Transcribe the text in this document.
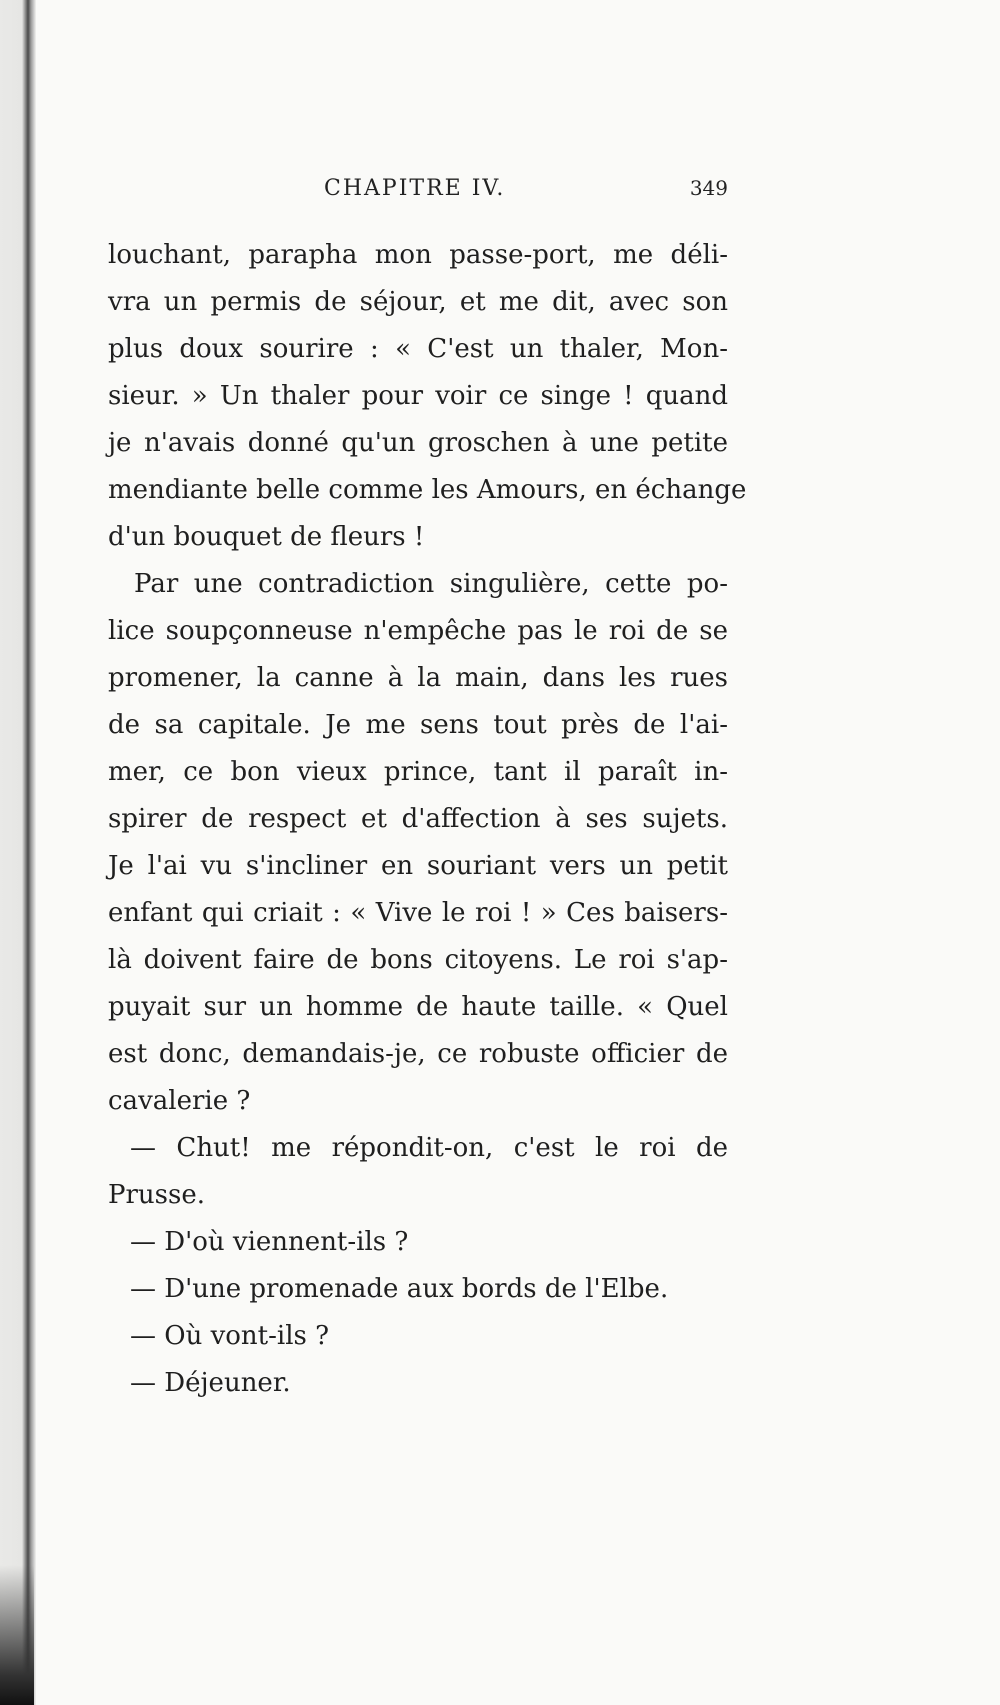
CHAPITRE IV.	349
louchant, parapha mon passe-port, me déli-
vra un permis de séjour, et me dit, avec son
plus doux sourire : « C'est un thaler, Mon-
sieur. » Un thaler pour voir ce singe ! quand
je n'avais donné qu'un groschen à une petite
mendiante belle comme les Amours, en échange
d'un bouquet de fleurs !
Par une contradiction singulière, cette po-
lice soupçonneuse n'empêche pas le roi de se
promener, la canne à la main, dans les rues
de sa capitale. Je me sens tout près de l'ai-
mer, ce bon vieux prince, tant il paraît in-
spirer de respect et d'affection à ses sujets.
Je l'ai vu s'incliner en souriant vers un petit
enfant qui criait : « Vive le roi ! » Ces baisers-
là doivent faire de bons citoyens. Le roi s'ap-
puyait sur un homme de haute taille. « Quel
est donc, demandais-je, ce robuste officier de
cavalerie ?
— Chut! me répondit-on, c'est le roi de
Prusse.
— D'où viennent-ils ?
— D'une promenade aux bords de l'Elbe.
— Où vont-ils ?
— Déjeuner.
